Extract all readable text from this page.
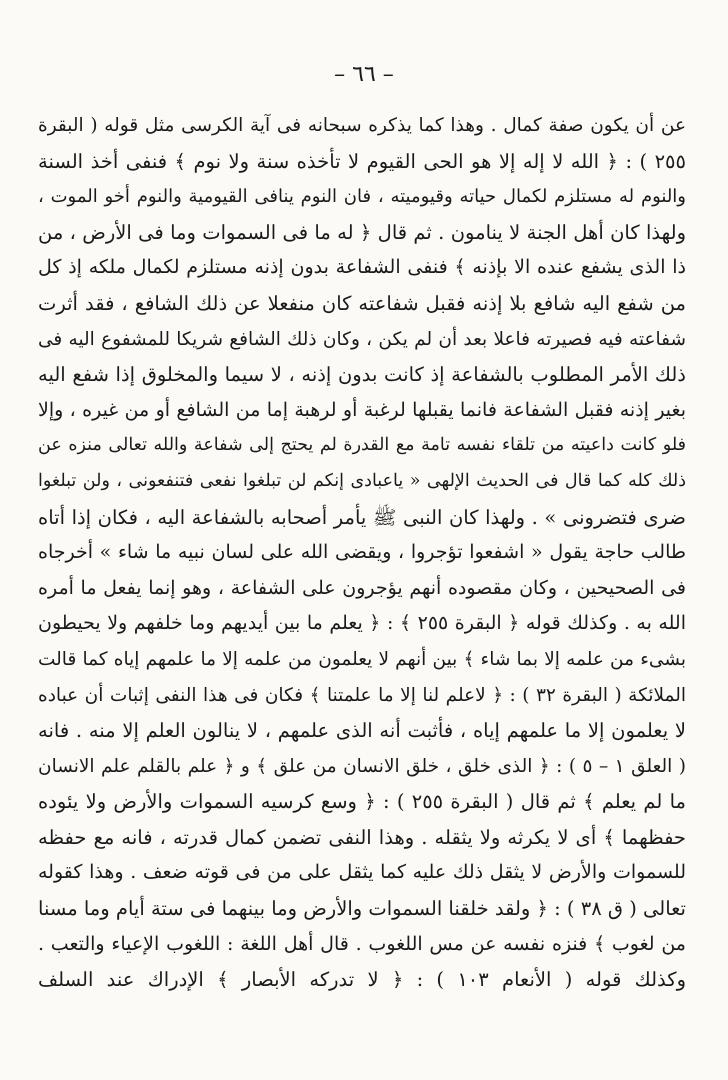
– ٦٦ –
عن أن يكون صفة كمال . وهذا كما يذكره سبحانه فى آية الكرسى مثل قوله ( البقرة
٢٥٥ ) : ﴿ الله لا إله إلا هو الحى القيوم لا تأخذه سنة ولا نوم ﴾ فنفى أخذ السنة
والنوم له مستلزم لكمال حياته وقيوميته ، فان النوم ينافى القيومية والنوم أخو الموت ،
ولهذا كان أهل الجنة لا ينامون . ثم قال ﴿ له ما فى السموات وما فى الأرض ، من
ذا الذى يشفع عنده الا بإذنه ﴾ فنفى الشفاعة بدون إذنه مستلزم لكمال ملكه إذ كل
من شفع اليه شافع بلا إذنه فقبل شفاعته كان منفعلا عن ذلك الشافع ، فقد أثرت
شفاعته فيه فصيرته فاعلا بعد أن لم يكن ، وكان ذلك الشافع شريكا للمشفوع اليه فى
ذلك الأمر المطلوب بالشفاعة إذ كانت بدون إذنه ، لا سيما والمخلوق إذا شفع اليه
بغير إذنه فقبل الشفاعة فانما يقبلها لرغبة أو لرهبة إما من الشافع أو من غيره ، وإلا
فلو كانت داعيته من تلقاء نفسه تامة مع القدرة لم يحتج إلى شفاعة والله تعالى منزه عن
ذلك كله كما قال فى الحديث الإلهى « ياعبادى إنكم لن تبلغوا نفعى فتنفعونى ، ولن تبلغوا
ضرى فتضرونى » . ولهذا كان النبى ﷺ يأمر أصحابه بالشفاعة اليه ، فكان إذا أتاه
طالب حاجة يقول « اشفعوا تؤجروا ، ويقضى الله على لسان نبيه ما شاء » أخرجاه
فى الصحيحين ، وكان مقصوده أنهم يؤجرون على الشفاعة ، وهو إنما يفعل ما أمره
الله به . وكذلك قوله ﴿ البقرة ٢٥٥ ﴾ : ﴿ يعلم ما بين أيديهم وما خلفهم ولا يحيطون
بشىء من علمه إلا بما شاء ﴾ بين أنهم لا يعلمون من علمه إلا ما علمهم إياه كما قالت
الملائكة ( البقرة ٣٢ ) : ﴿ لاعلم لنا إلا ما علمتنا ﴾ فكان فى هذا النفى إثبات أن عباده
لا يعلمون إلا ما علمهم إياه ، فأثبت أنه الذى علمهم ، لا ينالون العلم إلا منه . فانه
( العلق ١ – ٥ ) : ﴿ الذى خلق ، خلق الانسان من علق ﴾ و ﴿ علم بالقلم علم الانسان
ما لم يعلم ﴾ ثم قال ( البقرة ٢٥٥ ) : ﴿ وسع كرسيه السموات والأرض ولا يئوده
حفظهما ﴾ أى لا يكرثه ولا يثقله . وهذا النفى تضمن كمال قدرته ، فانه مع حفظه
للسموات والأرض لا يثقل ذلك عليه كما يثقل على من فى قوته ضعف . وهذا كقوله
تعالى ( ق ٣٨ ) : ﴿ ولقد خلقنا السموات والأرض وما بينهما فى ستة أيام وما مسنا
من لغوب ﴾ فنزه نفسه عن مس اللغوب . قال أهل اللغة : اللغوب الإعياء والتعب .
وكذلك قوله ( الأنعام ١٠٣ ) : ﴿ لا تدركه الأبصار ﴾ الإدراك عند السلف
